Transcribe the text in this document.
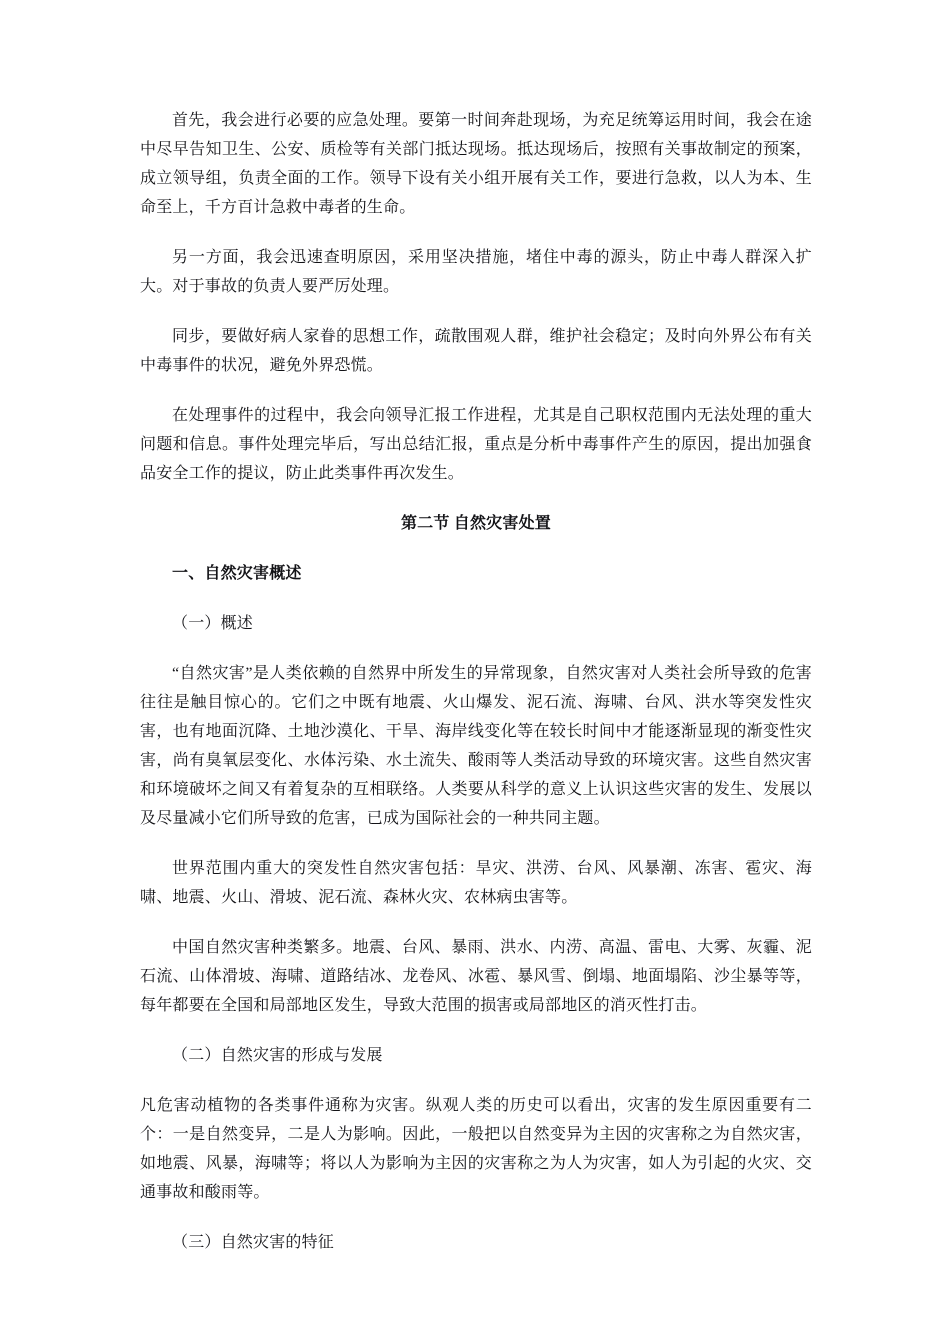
首先，我会进行必要的应急处理。要第一时间奔赴现场，为充足统筹运用时间，我会在途中尽早告知卫生、公安、质检等有关部门抵达现场。抵达现场后，按照有关事故制定的预案，成立领导组，负责全面的工作。领导下设有关小组开展有关工作，要进行急救，以人为本、生命至上，千方百计急救中毒者的生命。

另一方面，我会迅速查明原因，采用坚决措施，堵住中毒的源头，防止中毒人群深入扩大。对于事故的负责人要严厉处理。

同步，要做好病人家眷的思想工作，疏散围观人群，维护社会稳定；及时向外界公布有关中毒事件的状况，避免外界恐慌。

在处理事件的过程中，我会向领导汇报工作进程，尤其是自己职权范围内无法处理的重大问题和信息。事件处理完毕后，写出总结汇报，重点是分析中毒事件产生的原因，提出加强食品安全工作的提议，防止此类事件再次发生。

第二节 自然灾害处置
一、自然灾害概述

（一）概述

“自然灾害”是人类依赖的自然界中所发生的异常现象，自然灾害对人类社会所导致的危害往往是触目惊心的。它们之中既有地震、火山爆发、泥石流、海啸、台风、洪水等突发性灾害，也有地面沉降、土地沙漠化、干旱、海岸线变化等在较长时间中才能逐渐显现的渐变性灾害，尚有臭氧层变化、水体污染、水土流失、酸雨等人类活动导致的环境灾害。这些自然灾害和环境破坏之间又有着复杂的互相联络。人类要从科学的意义上认识这些灾害的发生、发展以及尽量减小它们所导致的危害，已成为国际社会的一种共同主题。

世界范围内重大的突发性自然灾害包括：旱灾、洪涝、台风、风暴潮、冻害、雹灾、海啸、地震、火山、滑坡、泥石流、森林火灾、农林病虫害等。

中国自然灾害种类繁多。地震、台风、暴雨、洪水、内涝、高温、雷电、大雾、灰霾、泥石流、山体滑坡、海啸、道路结冰、龙卷风、冰雹、暴风雪、倒塌、地面塌陷、沙尘暴等等，每年都要在全国和局部地区发生，导致大范围的损害或局部地区的消灭性打击。

（二）自然灾害的形成与发展

凡危害动植物的各类事件通称为灾害。纵观人类的历史可以看出，灾害的发生原因重要有二个：一是自然变异，二是人为影响。因此，一般把以自然变异为主因的灾害称之为自然灾害，如地震、风暴，海啸等；将以人为影响为主因的灾害称之为人为灾害，如人为引起的火灾、交通事故和酸雨等。

（三）自然灾害的特征
